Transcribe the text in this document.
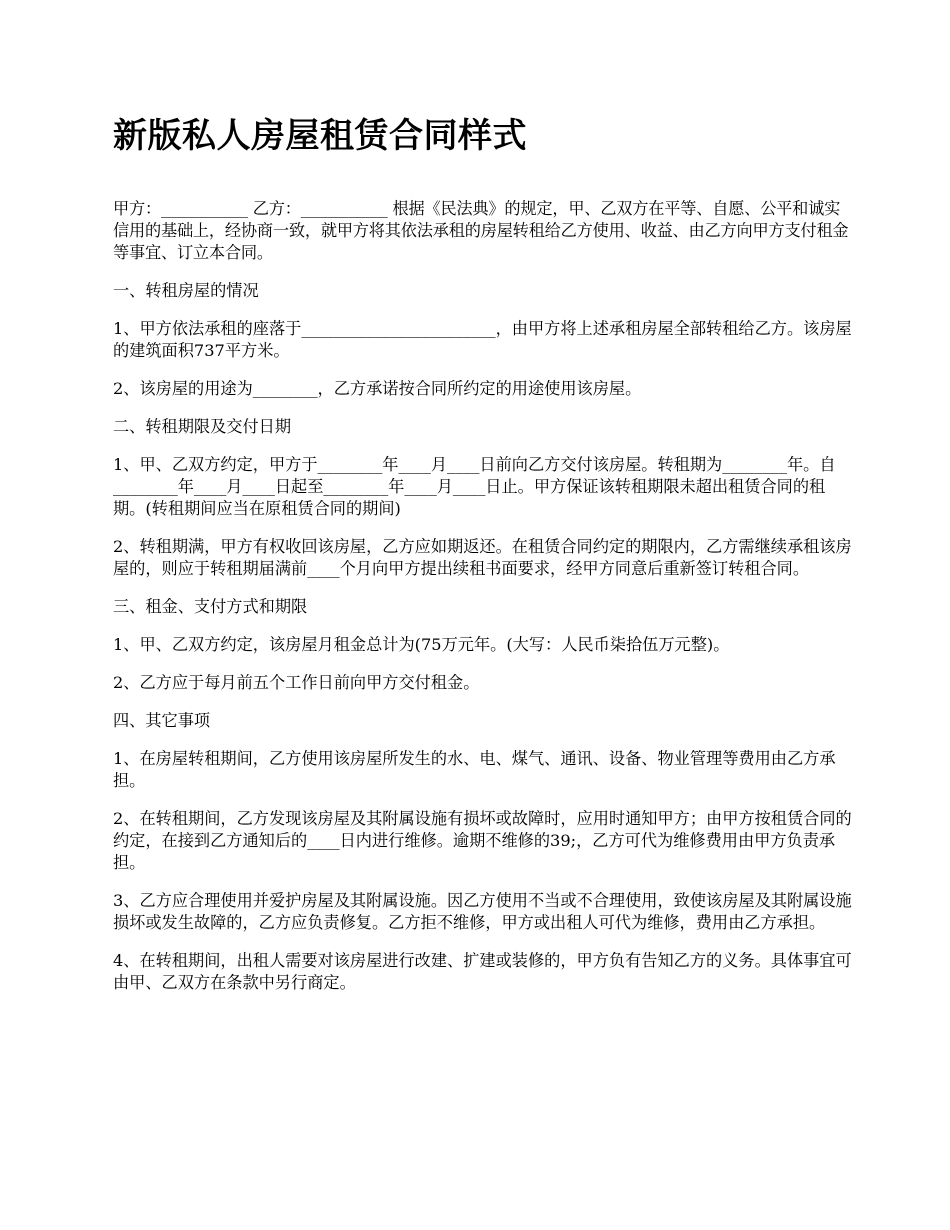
新版私人房屋租赁合同样式

甲方：___________ 乙方：___________ 根据《民法典》的规定，甲、乙双方在平等、自愿、公平和诚实信用的基础上，经协商一致，就甲方将其依法承租的房屋转租给乙方使用、收益、由乙方向甲方支付租金等事宜、订立本合同。

一、转租房屋的情况

1、甲方依法承租的座落于________________________，由甲方将上述承租房屋全部转租给乙方。该房屋的建筑面积737平方米。

2、该房屋的用途为________，乙方承诺按合同所约定的用途使用该房屋。

二、转租期限及交付日期

1、甲、乙双方约定，甲方于________年____月____日前向乙方交付该房屋。转租期为________年。自________年____月____日起至________年____月____日止。甲方保证该转租期限未超出租赁合同的租期。(转租期间应当在原租赁合同的期间)

2、转租期满，甲方有权收回该房屋，乙方应如期返还。在租赁合同约定的期限内，乙方需继续承租该房屋的，则应于转租期届满前____个月向甲方提出续租书面要求，经甲方同意后重新签订转租合同。

三、租金、支付方式和期限

1、甲、乙双方约定，该房屋月租金总计为(75万元年。(大写：人民币柒拾伍万元整)。

2、乙方应于每月前五个工作日前向甲方交付租金。

四、其它事项

1、在房屋转租期间，乙方使用该房屋所发生的水、电、煤气、通讯、设备、物业管理等费用由乙方承担。

2、在转租期间，乙方发现该房屋及其附属设施有损坏或故障时，应用时通知甲方；由甲方按租赁合同的约定，在接到乙方通知后的____日内进行维修。逾期不维修的39;，乙方可代为维修费用由甲方负责承担。

3、乙方应合理使用并爱护房屋及其附属设施。因乙方使用不当或不合理使用，致使该房屋及其附属设施损坏或发生故障的，乙方应负责修复。乙方拒不维修，甲方或出租人可代为维修，费用由乙方承担。

4、在转租期间，出租人需要对该房屋进行改建、扩建或装修的，甲方负有告知乙方的义务。具体事宜可由甲、乙双方在条款中另行商定。
